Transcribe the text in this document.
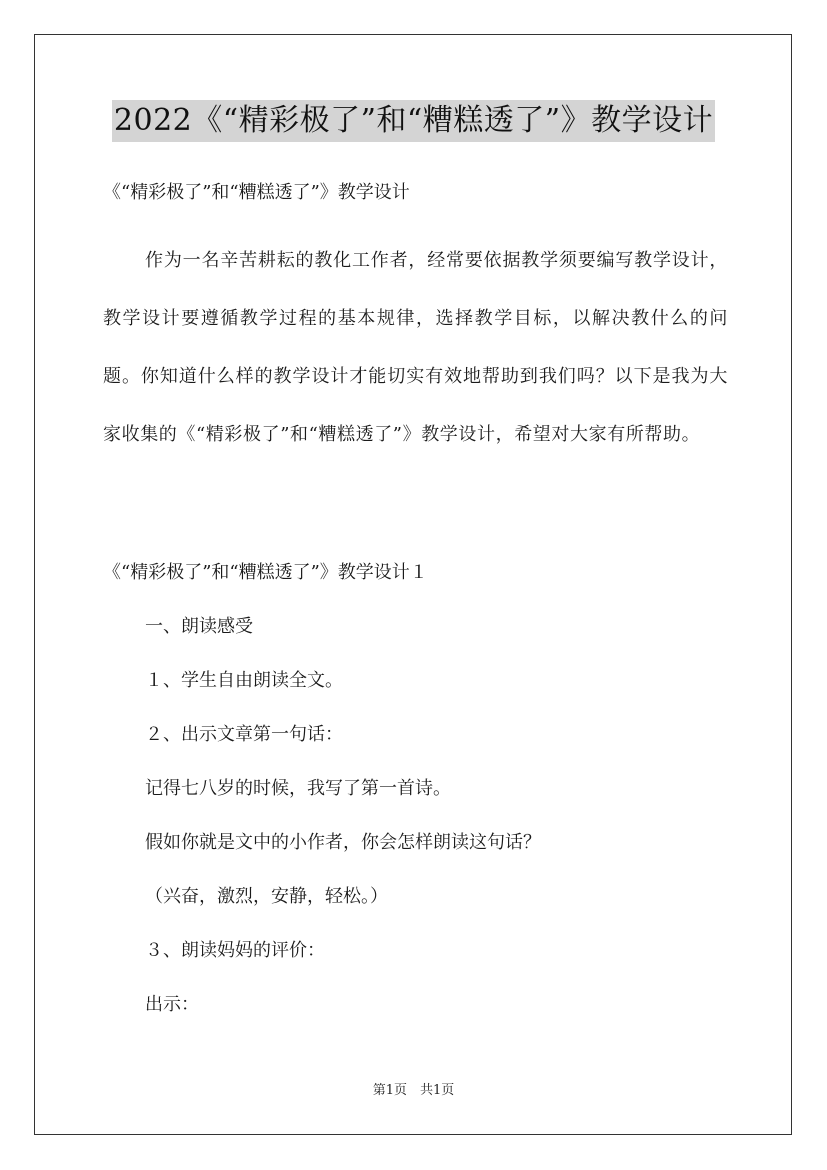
2022《“精彩极了”和“糟糕透了”》教学设计
《“精彩极了”和“糟糕透了”》教学设计
作为一名辛苦耕耘的教化工作者，经常要依据教学须要编写教学设计，教学设计要遵循教学过程的基本规律，选择教学目标，以解决教什么的问题。你知道什么样的教学设计才能切实有效地帮助到我们吗？以下是我为大家收集的《“精彩极了”和“糟糕透了”》教学设计，希望对大家有所帮助。
《“精彩极了”和“糟糕透了”》教学设计１
一、朗读感受
１、学生自由朗读全文。
２、出示文章第一句话：
记得七八岁的时候，我写了第一首诗。
假如你就是文中的小作者，你会怎样朗读这句话？
（兴奋，激烈，安静，轻松。）
３、朗读妈妈的评价：
出示：
第1页　共1页
